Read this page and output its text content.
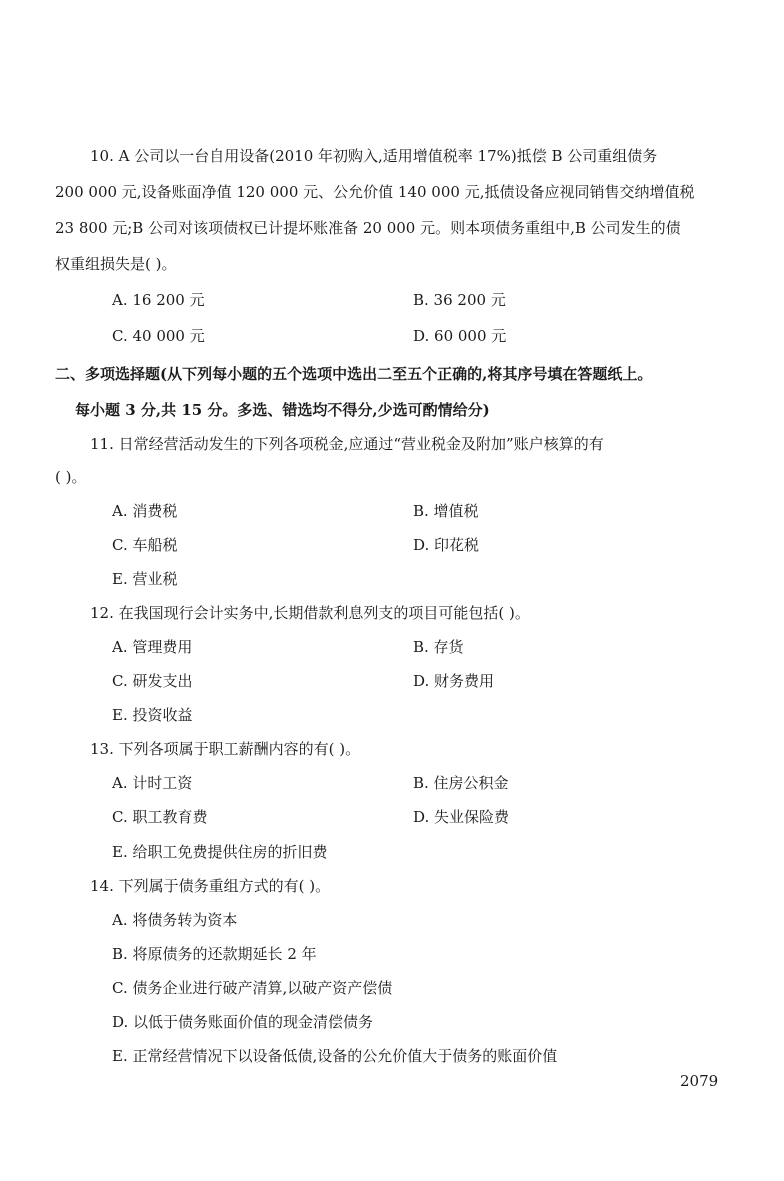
10. A 公司以一台自用设备(2010 年初购入,适用增值税率 17%)抵偿 B 公司重组债务
200 000 元,设备账面净值 120 000 元、公允价值 140 000 元,抵债设备应视同销售交纳增值税
23 800 元;B 公司对该项债权已计提坏账准备 20 000 元。则本项债务重组中,B 公司发生的债
权重组损失是( )。
A. 16 200 元	B. 36 200 元
C. 40 000 元	D. 60 000 元
二、多项选择题(从下列每小题的五个选项中选出二至五个正确的,将其序号填在答题纸上。
每小题 3 分,共 15 分。多选、错选均不得分,少选可酌情给分)
11. 日常经营活动发生的下列各项税金,应通过“营业税金及附加”账户核算的有
( )。
A. 消费税	B. 增值税
C. 车船税	D. 印花税
E. 营业税
12. 在我国现行会计实务中,长期借款利息列支的项目可能包括( )。
A. 管理费用	B. 存货
C. 研发支出	D. 财务费用
E. 投资收益
13. 下列各项属于职工薪酬内容的有( )。
A. 计时工资	B. 住房公积金
C. 职工教育费	D. 失业保险费
E. 给职工免费提供住房的折旧费
14. 下列属于债务重组方式的有( )。
A. 将债务转为资本
B. 将原债务的还款期延长 2 年
C. 债务企业进行破产清算,以破产资产偿债
D. 以低于债务账面价值的现金清偿债务
E. 正常经营情况下以设备低债,设备的公允价值大于债务的账面价值
2079
